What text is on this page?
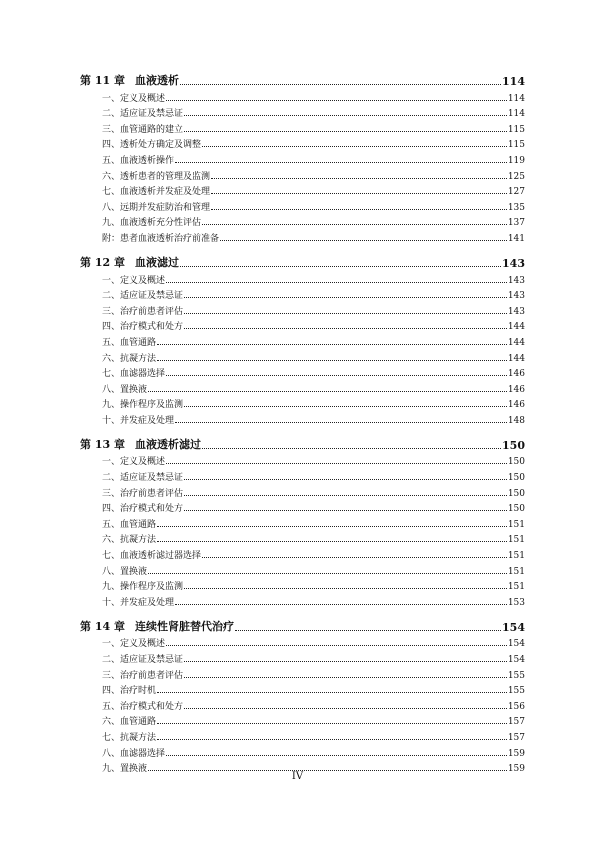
第 11 章 血液透析	114
一、定义及概述	114
二、适应证及禁忌证	114
三、血管通路的建立	115
四、透析处方确定及调整	115
五、血液透析操作	119
六、透析患者的管理及监测	125
七、血液透析并发症及处理	127
八、远期并发症防治和管理	135
九、血液透析充分性评估	137
附：患者血液透析治疗前准备	141
第 12 章 血液滤过	143
一、定义及概述	143
二、适应证及禁忌证	143
三、治疗前患者评估	143
四、治疗模式和处方	144
五、血管通路	144
六、抗凝方法	144
七、血滤器选择	146
八、置换液	146
九、操作程序及监测	146
十、并发症及处理	148
第 13 章 血液透析滤过	150
一、定义及概述	150
二、适应证及禁忌证	150
三、治疗前患者评估	150
四、治疗模式和处方	150
五、血管通路	151
六、抗凝方法	151
七、血液透析滤过器选择	151
八、置换液	151
九、操作程序及监测	151
十、并发症及处理	153
第 14 章 连续性肾脏替代治疗	154
一、定义及概述	154
二、适应证及禁忌证	154
三、治疗前患者评估	155
四、治疗时机	155
五、治疗模式和处方	156
六、血管通路	157
七、抗凝方法	157
八、血滤器选择	159
九、置换液	159
IV
